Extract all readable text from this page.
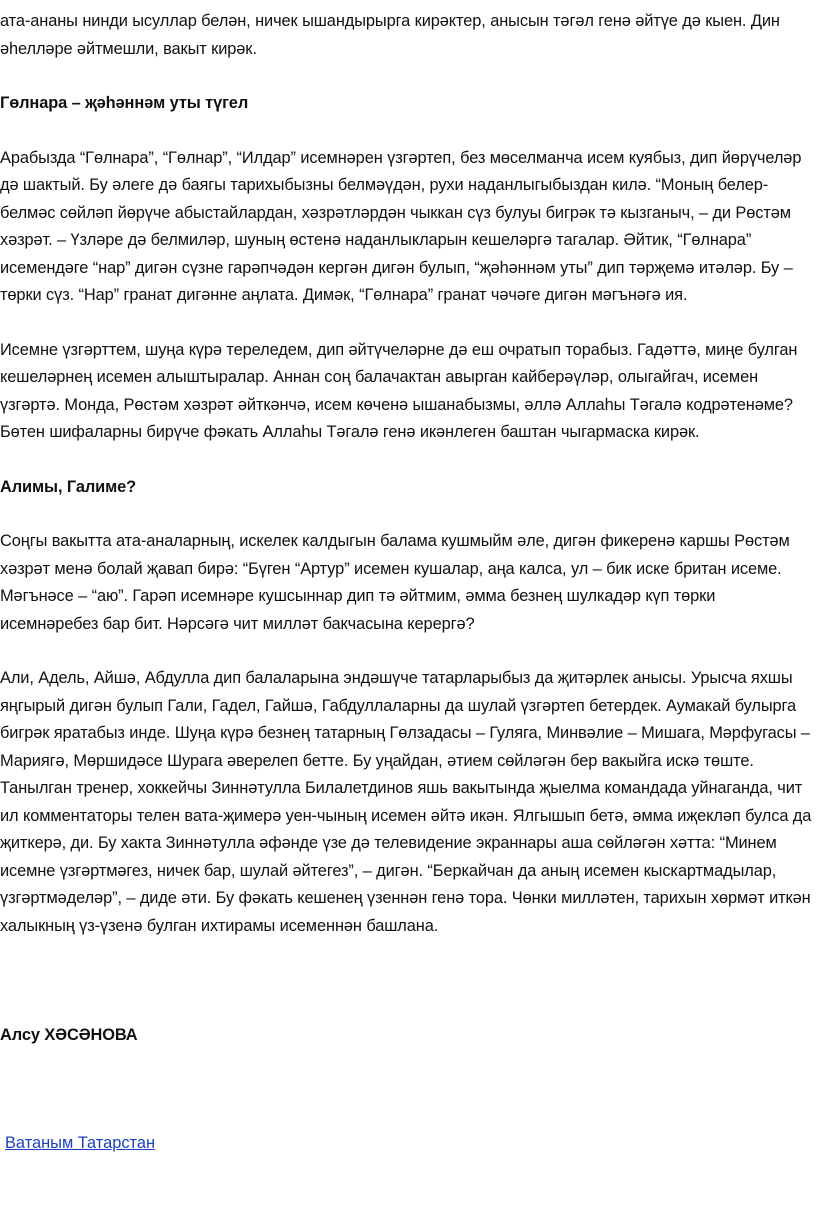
ата-ананы нинди ысуллар белән, ничек ышандырырга кирәктер, анысын тәгәл генә әйтүе дә кыен. Дин әһелләре әйтмешли, вакыт кирәк.

Гөлнара – җәһәннәм уты түгел

Арабызда “Гөлнара”, “Гөлнар”, “Илдар” исемнәрен үзгәртеп, без мөселманча исем куябыз, дип йөрүчеләр дә шактый. Бу әлеге дә баягы тарихыбызны белмәүдән, рухи наданлыгыбыздан килә. “Моның белер-белмәс сөйләп йөрүче абыстайлардан, хәзрәтләрдән чыккан сүз булуы бигрәк тә кызганыч, – ди Рөстәм хәзрәт. – Үзләре дә белмиләр, шуның өстенә наданлыкларын кешеләргә тагалар. Әйтик, “Гөлнара” исемендәге “нар” дигән сүзне гарәпчәдән кергән дигән булып, “җәһәннәм уты” дип тәрҗемә итәләр. Бу – төрки сүз. “Нар” гранат дигәнне аңлата. Димәк, “Гөлнара” гранат чәчәге дигән мәгънәгә ия.

Исемне үзгәрттем, шуңа күрә тереледем, дип әйтүчеләрне дә еш очратып торабыз. Гадәттә, миңе булган кешеләрнең исемен алыштыралар. Аннан соң балачактан авырган кайберәүләр, олыгайгач, исемен үзгәртә. Монда, Рөстәм хәзрәт әйткәнчә, исем көченә ышанабызмы, әллә Аллаһы Тәгалә кодрәтенәме? Бөтен шифаларны бирүче фәкать Аллаһы Тәгалә генә икәнлеген баштан чыгармаска кирәк.

Алимы, Галиме?

Соңгы вакытта ата-аналарның, искелек калдыгын балама кушмыйм әле, дигән фикеренә каршы Рөстәм хәзрәт менә болай җавап бирә: “Бүген “Артур” исемен кушалар, аңа калса, ул – бик иске британ исеме. Мәгънәсе – “аю”. Гарәп исемнәре кушсыннар дип тә әйтмим, әмма безнең шулкадәр күп төрки исемнәребез бар бит. Нәрсәгә чит милләт бакчасына керергә?

Али, Адель, Айшә, Абдулла дип балаларына эндәшүче татарларыбыз да җитәрлек анысы. Урысча яхшы яңгырый дигән булып Гали, Гадел, Гайшә, Габдуллаларны да шулай үзгәртеп бетердек. Аумакай булырга бигрәк яратабыз инде. Шуңа күрә безнең татарның Гөлзадасы – Гуляга, Минвәлие – Мишага, Мәрфугасы – Мариягә, Мөршидәсе Шурага әверелеп бетте. Бу уңайдан, әтием сөйләгән бер вакыйга искә төште. Танылган тренер, хоккейчы Зиннәтулла Билалетдинов яшь вакытында җыелма командада уйнаганда, чит ил комментаторы телен вата-җимерә уен-чының исемен әйтә икән. Ялгышып бетә, әмма иҗекләп булса да җиткерә, ди. Бу хакта Зиннәтулла әфәнде үзе дә телевидение экраннары аша сөйләгән хәтта: “Минем исемне үзгәртмәгез, ничек бар, шулай әйтегез”, – дигән. “Беркайчан да аның исемен кыскартмадылар, үзгәртмәделәр”, – диде әти. Бу фәкать кешенең үзеннән генә тора. Чөнки милләтен, тарихын хөрмәт иткән халыкның үз-үзенә булган ихтирамы исеменнән башлана.

Алсу ХӘСӘНОВА

Ватаным Татарстан
